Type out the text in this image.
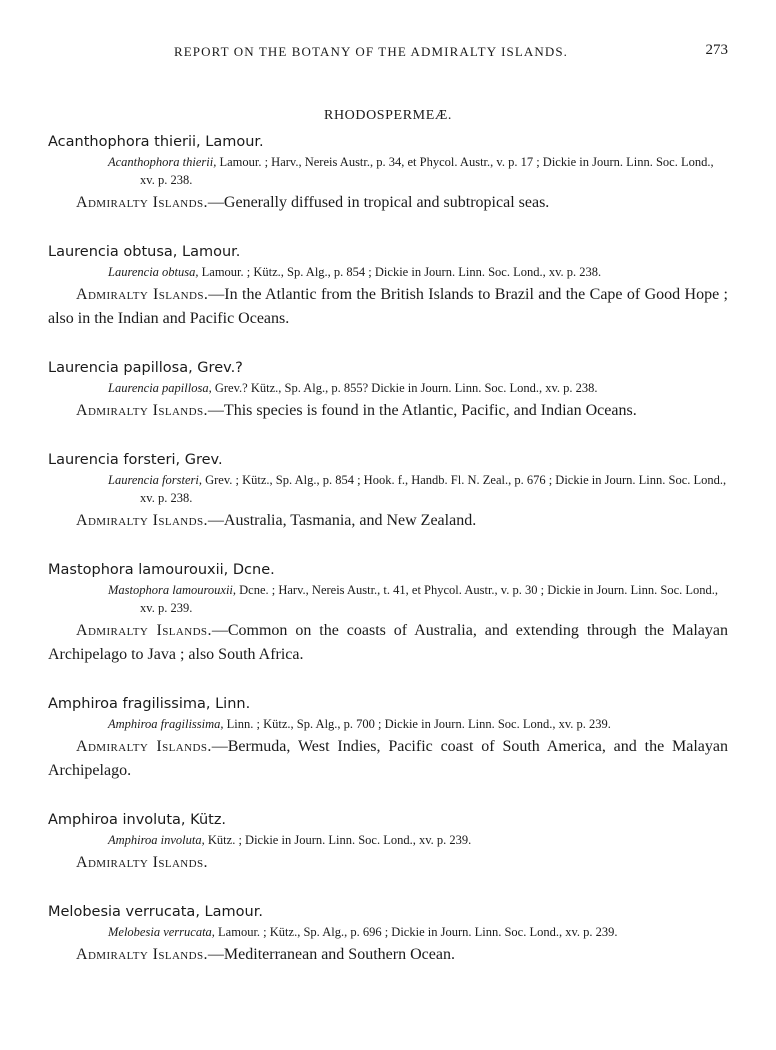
REPORT ON THE BOTANY OF THE ADMIRALTY ISLANDS.	273
RHODOSPERMEÆ.

Acanthophora thierii, Lamour.

Acanthophora thierii, Lamour. ; Harv., Nereis Austr., p. 34, et Phycol. Austr., v. p. 17 ; Dickie in Journ. Linn. Soc. Lond., xv. p. 238.

Admiralty Islands.—Generally diffused in tropical and subtropical seas.

Laurencia obtusa, Lamour.

Laurencia obtusa, Lamour. ; Kütz., Sp. Alg., p. 854 ; Dickie in Journ. Linn. Soc. Lond., xv. p. 238.

Admiralty Islands.—In the Atlantic from the British Islands to Brazil and the Cape of Good Hope ; also in the Indian and Pacific Oceans.

Laurencia papillosa, Grev.?

Laurencia papillosa, Grev.? Kütz., Sp. Alg., p. 855? Dickie in Journ. Linn. Soc. Lond., xv. p. 238.

Admiralty Islands.—This species is found in the Atlantic, Pacific, and Indian Oceans.

Laurencia forsteri, Grev.

Laurencia forsteri, Grev. ; Kütz., Sp. Alg., p. 854 ; Hook. f., Handb. Fl. N. Zeal., p. 676 ; Dickie in Journ. Linn. Soc. Lond., xv. p. 238.

Admiralty Islands.—Australia, Tasmania, and New Zealand.

Mastophora lamourouxii, Dcne.

Mastophora lamourouxii, Dcne. ; Harv., Nereis Austr., t. 41, et Phycol. Austr., v. p. 30 ; Dickie in Journ. Linn. Soc. Lond., xv. p. 239.

Admiralty Islands.—Common on the coasts of Australia, and extending through the Malayan Archipelago to Java ; also South Africa.

Amphiroa fragilissima, Linn.

Amphiroa fragilissima, Linn. ; Kütz., Sp. Alg., p. 700 ; Dickie in Journ. Linn. Soc. Lond., xv. p. 239.

Admiralty Islands.—Bermuda, West Indies, Pacific coast of South America, and the Malayan Archipelago.

Amphiroa involuta, Kütz.

Amphiroa involuta, Kütz. ; Dickie in Journ. Linn. Soc. Lond., xv. p. 239.

Admiralty Islands.

Melobesia verrucata, Lamour.

Melobesia verrucata, Lamour. ; Kütz., Sp. Alg., p. 696 ; Dickie in Journ. Linn. Soc. Lond., xv. p. 239.

Admiralty Islands.—Mediterranean and Southern Ocean.
